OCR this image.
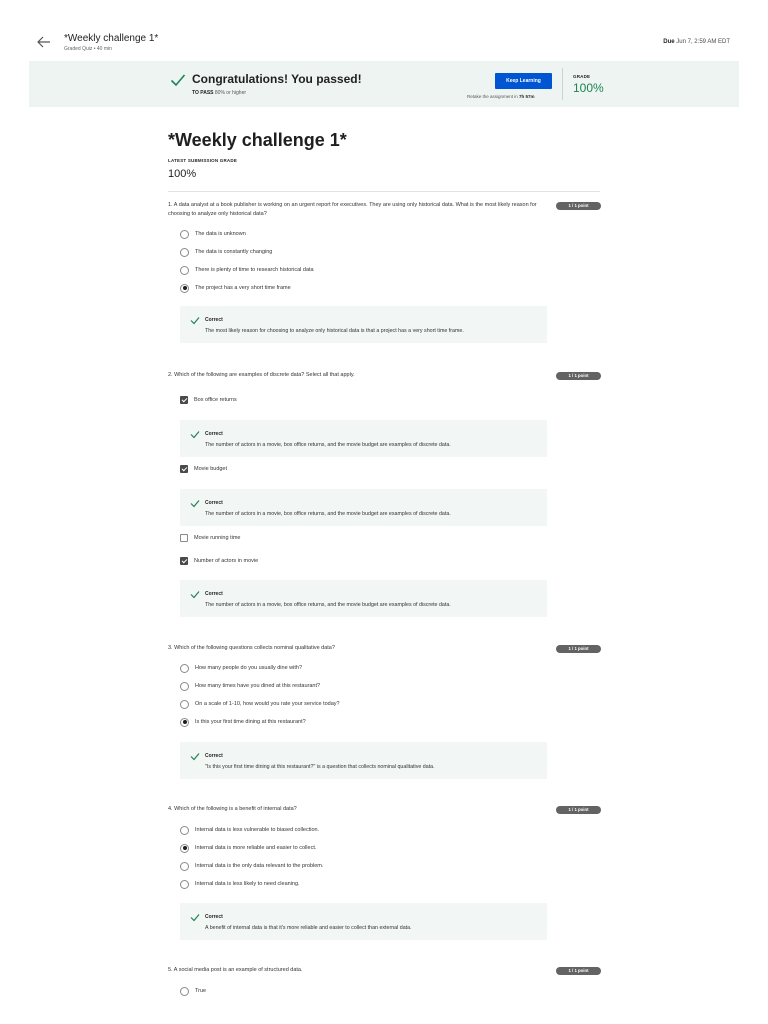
*Weekly challenge 1*
Graded Quiz • 40 min
Due Jun 7, 2:59 AM EDT
Congratulations! You passed!
TO PASS 80% or higher
Keep Learning
Retake the assignment in 7h 57m
GRADE
100%
*Weekly challenge 1*
LATEST SUBMISSION GRADE
100%
1. A data analyst at a book publisher is working on an urgent report for executives. They are using only historical data. What is the most likely reason for choosing to analyze only historical data?
1 / 1 point
The data is unknown
The data is constantly changing
There is plenty of time to research historical data
The project has a very short time frame
Correct
The most likely reason for choosing to analyze only historical data is that a project has a very short time frame.
2. Which of the following are examples of discrete data? Select all that apply.	1 / 1 point
Box office returns
Correct
The number of actors in a movie, box office returns, and the movie budget are examples of discrete data.
Movie budget
Correct
The number of actors in a movie, box office returns, and the movie budget are examples of discrete data.
Movie running time
Number of actors in movie
Correct
The number of actors in a movie, box office returns, and the movie budget are examples of discrete data.
3. Which of the following questions collects nominal qualitative data?	1 / 1 point
How many people do you usually dine with?
How many times have you dined at this restaurant?
On a scale of 1-10, how would you rate your service today?
Is this your first time dining at this restaurant?
Correct
"Is this your first time dining at this restaurant?" is a question that collects nominal qualitative data.
4. Which of the following is a benefit of internal data?	1 / 1 point
Internal data is less vulnerable to biased collection.
Internal data is more reliable and easier to collect.
Internal data is the only data relevant to the problem.
Internal data is less likely to need cleaning.
Correct
A benefit of internal data is that it's more reliable and easier to collect than external data.
5. A social media post is an example of structured data.	1 / 1 point
True
